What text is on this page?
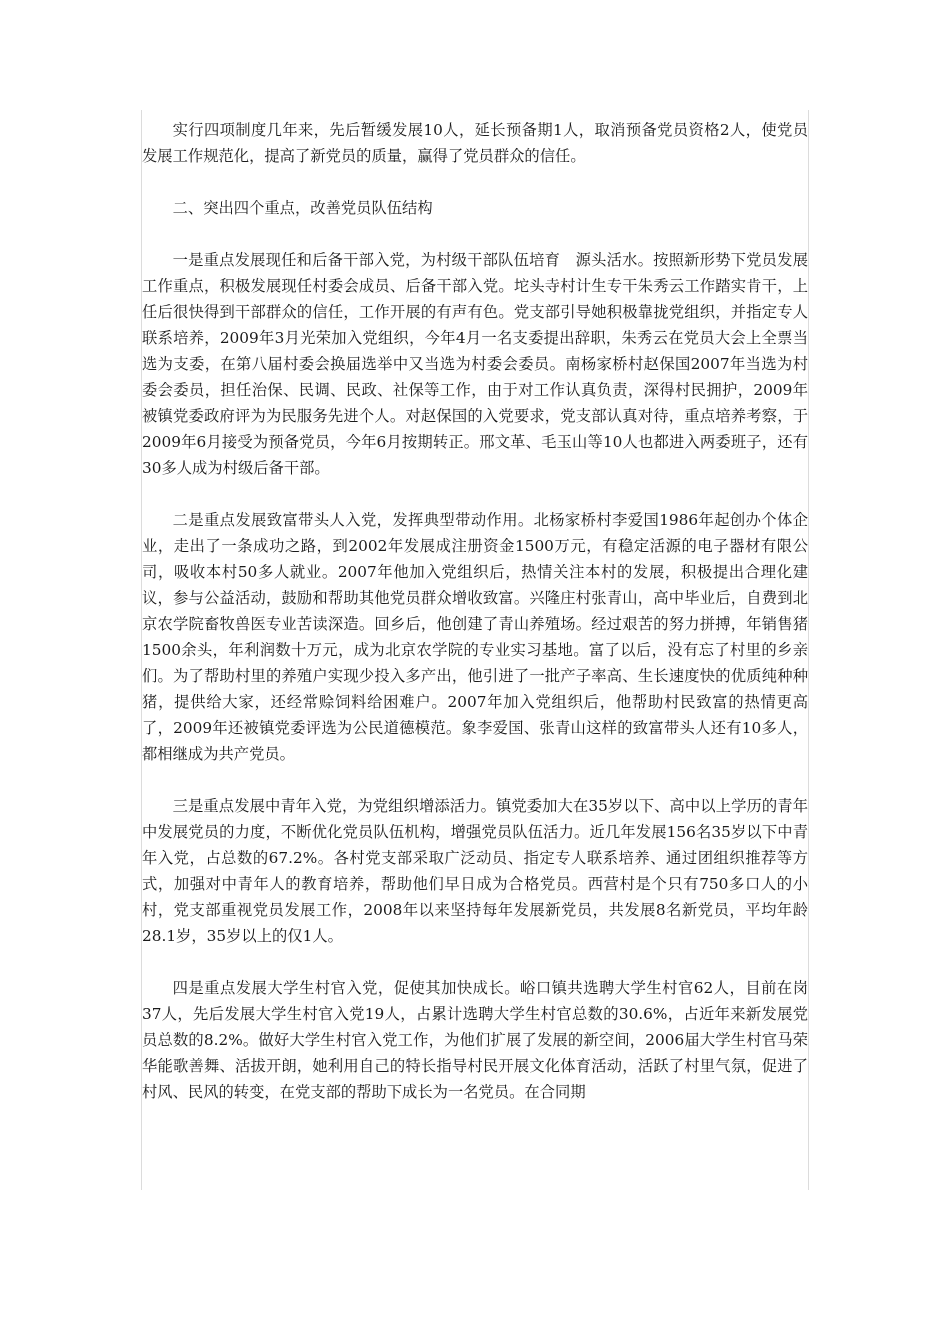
实行四项制度几年来，先后暂缓发展10人，延长预备期1人，取消预备党员资格2人，使党员发展工作规范化，提高了新党员的质量，赢得了党员群众的信任。

二、突出四个重点，改善党员队伍结构

一是重点发展现任和后备干部入党，为村级干部队伍培育　源头活水。按照新形势下党员发展工作重点，积极发展现任村委会成员、后备干部入党。坨头寺村计生专干朱秀云工作踏实肯干，上任后很快得到干部群众的信任，工作开展的有声有色。党支部引导她积极靠拢党组织，并指定专人联系培养，2009年3月光荣加入党组织，今年4月一名支委提出辞职，朱秀云在党员大会上全票当选为支委，在第八届村委会换届选举中又当选为村委会委员。南杨家桥村赵保国2007年当选为村委会委员，担任治保、民调、民政、社保等工作，由于对工作认真负责，深得村民拥护，2009年被镇党委政府评为为民服务先进个人。对赵保国的入党要求，党支部认真对待，重点培养考察，于2009年6月接受为预备党员，今年6月按期转正。邢文革、毛玉山等10人也都进入两委班子，还有30多人成为村级后备干部。

二是重点发展致富带头人入党，发挥典型带动作用。北杨家桥村李爱国1986年起创办个体企业，走出了一条成功之路，到2002年发展成注册资金1500万元，有稳定活源的电子器材有限公司，吸收本村50多人就业。2007年他加入党组织后，热情关注本村的发展，积极提出合理化建议，参与公益活动，鼓励和帮助其他党员群众增收致富。兴隆庄村张青山，高中毕业后，自费到北京农学院畜牧兽医专业苦读深造。回乡后，他创建了青山养殖场。经过艰苦的努力拼搏，年销售猪1500余头，年利润数十万元，成为北京农学院的专业实习基地。富了以后，没有忘了村里的乡亲们。为了帮助村里的养殖户实现少投入多产出，他引进了一批产子率高、生长速度快的优质纯种种猪，提供给大家，还经常赊饲料给困难户。2007年加入党组织后，他帮助村民致富的热情更高了，2009年还被镇党委评选为公民道德模范。象李爱国、张青山这样的致富带头人还有10多人，都相继成为共产党员。

三是重点发展中青年入党，为党组织增添活力。镇党委加大在35岁以下、高中以上学历的青年中发展党员的力度，不断优化党员队伍机构，增强党员队伍活力。近几年发展156名35岁以下中青年入党，占总数的67.2%。各村党支部采取广泛动员、指定专人联系培养、通过团组织推荐等方式，加强对中青年人的教育培养，帮助他们早日成为合格党员。西营村是个只有750多口人的小村，党支部重视党员发展工作，2008年以来坚持每年发展新党员，共发展8名新党员，平均年龄28.1岁，35岁以上的仅1人。

四是重点发展大学生村官入党，促使其加快成长。峪口镇共选聘大学生村官62人，目前在岗37人，先后发展大学生村官入党19人，占累计选聘大学生村官总数的30.6%，占近年来新发展党员总数的8.2%。做好大学生村官入党工作，为他们扩展了发展的新空间，2006届大学生村官马荣华能歌善舞、活拔开朗，她利用自己的特长指导村民开展文化体育活动，活跃了村里气氛，促进了村风、民风的转变，在党支部的帮助下成长为一名党员。在合同期
